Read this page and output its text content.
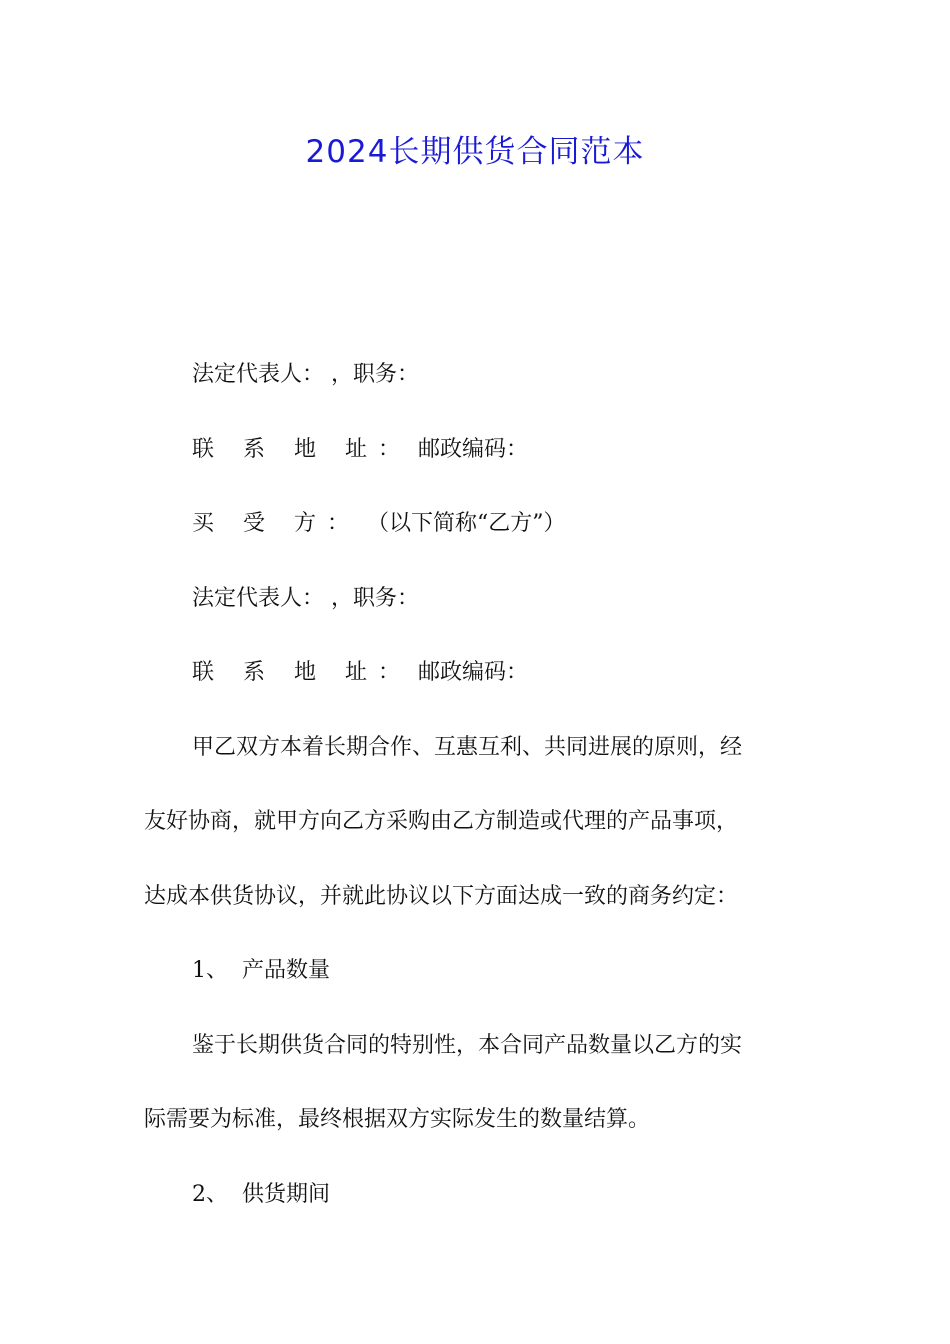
2024长期供货合同范本
法定代表人： ，职务：
联 系 地 址： 邮政编码：
买 受 方： （以下简称“乙方”）
法定代表人： ，职务：
联 系 地 址： 邮政编码：
甲乙双方本着长期合作、互惠互利、共同进展的原则，经
友好协商，就甲方向乙方采购由乙方制造或代理的产品事项，
达成本供货协议，并就此协议以下方面达成一致的商务约定：
1、 产品数量
鉴于长期供货合同的特别性，本合同产品数量以乙方的实
际需要为标准，最终根据双方实际发生的数量结算。
2、 供货期间
